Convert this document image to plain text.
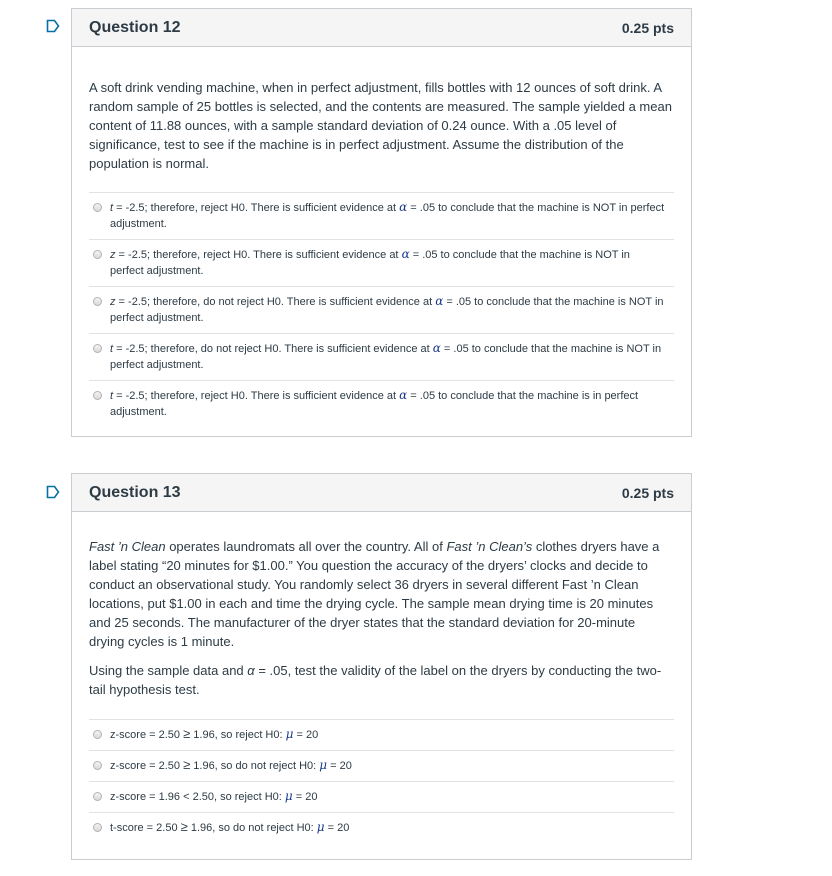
Question 12	0.25 pts

A soft drink vending machine, when in perfect adjustment, fills bottles with 12 ounces of soft drink. A random sample of 25 bottles is selected, and the contents are measured. The sample yielded a mean content of 11.88 ounces, with a sample standard deviation of 0.24 ounce. With a .05 level of significance, test to see if the machine is in perfect adjustment. Assume the distribution of the population is normal.

t = -2.5; therefore, reject H0. There is sufficient evidence at α = .05 to conclude that the machine is NOT in perfect adjustment.
z = -2.5; therefore, reject H0. There is sufficient evidence at α = .05 to conclude that the machine is NOT in perfect adjustment.
z = -2.5; therefore, do not reject H0. There is sufficient evidence at α = .05 to conclude that the machine is NOT in perfect adjustment.
t = -2.5; therefore, do not reject H0. There is sufficient evidence at α = .05 to conclude that the machine is NOT in perfect adjustment.
t = -2.5; therefore, reject H0. There is sufficient evidence at α = .05 to conclude that the machine is in perfect adjustment.
Question 13	0.25 pts

Fast ’n Clean operates laundromats all over the country. All of Fast ’n Clean’s clothes dryers have a label stating “20 minutes for $1.00.” You question the accuracy of the dryers’ clocks and decide to conduct an observational study. You randomly select 36 dryers in several different Fast ’n Clean locations, put $1.00 in each and time the drying cycle. The sample mean drying time is 20 minutes and 25 seconds. The manufacturer of the dryer states that the standard deviation for 20-minute drying cycles is 1 minute.

Using the sample data and α = .05, test the validity of the label on the dryers by conducting the two-tail hypothesis test.

z-score = 2.50 ≥ 1.96, so reject H0: μ = 20
z-score = 2.50 ≥ 1.96, so do not reject H0: μ = 20
z-score = 1.96 < 2.50, so reject H0: μ = 20
t-score = 2.50 ≥ 1.96, so do not reject H0: μ = 20
